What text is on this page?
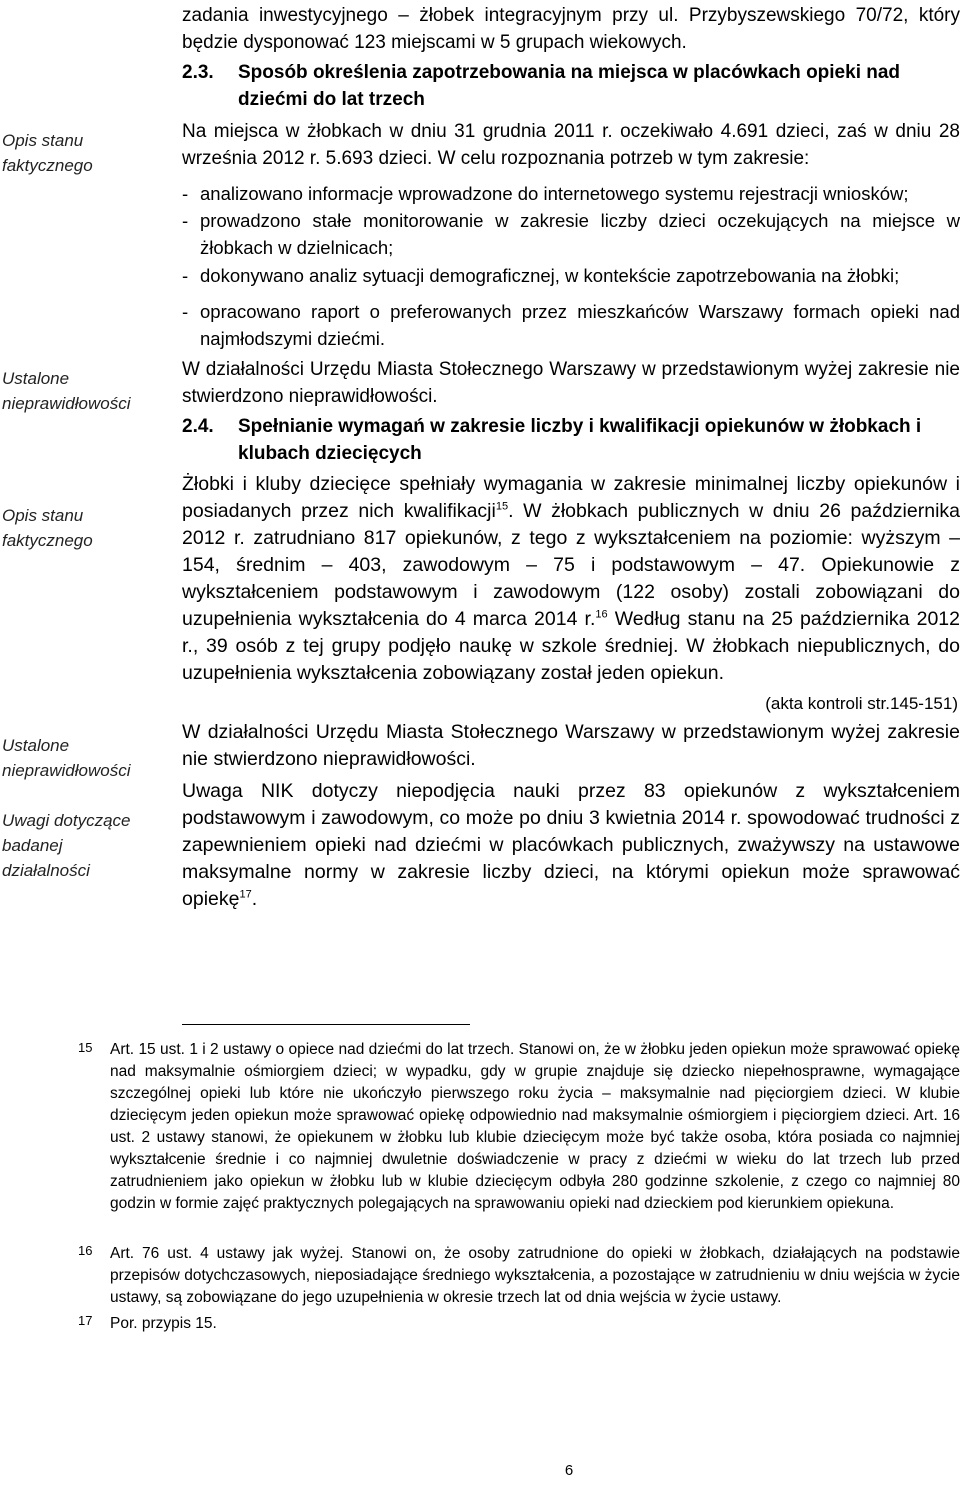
Opis stanu faktycznego
Ustalone nieprawidłowości
Opis stanu faktycznego
Ustalone nieprawidłowości
Uwagi dotyczące badanej działalności
zadania inwestycyjnego – żłobek integracyjnym przy ul. Przybyszewskiego 70/72, który będzie dysponować 123 miejscami w 5 grupach wiekowych.
2.3. Sposób określenia zapotrzebowania na miejsca w placówkach opieki nad dziećmi do lat trzech
Na miejsca w żłobkach w dniu 31 grudnia 2011 r. oczekiwało 4.691 dzieci, zaś w dniu 28 września 2012 r. 5.693 dzieci. W celu rozpoznania potrzeb w tym zakresie:
- analizowano informacje wprowadzone do internetowego systemu rejestracji wniosków;
- prowadzono stałe monitorowanie w zakresie liczby dzieci oczekujących na miejsce w żłobkach w dzielnicach;
- dokonywano analiz sytuacji demograficznej, w kontekście zapotrzebowania na żłobki;
- opracowano raport o preferowanych przez mieszkańców Warszawy formach opieki nad najmłodszymi dziećmi.
W działalności Urzędu Miasta Stołecznego Warszawy w przedstawionym wyżej zakresie nie stwierdzono nieprawidłowości.
2.4. Spełnianie wymagań w zakresie liczby i kwalifikacji opiekunów w żłobkach i klubach dziecięcych
Żłobki i kluby dziecięce spełniały wymagania w zakresie minimalnej liczby opiekunów i posiadanych przez nich kwalifikacji$^{15}$. W żłobkach publicznych w dniu 26 października 2012 r. zatrudniano 817 opiekunów, z tego z wykształceniem na poziomie: wyższym – 154, średnim – 403, zawodowym – 75 i podstawowym – 47. Opiekunowie z wykształceniem podstawowym i zawodowym (122 osoby) zostali zobowiązani do uzupełnienia wykształcenia do 4 marca 2014 r.$^{16}$ Według stanu na 25 października 2012 r., 39 osób z tej grupy podjęło naukę w szkole średniej. W żłobkach niepublicznych, do uzupełnienia wykształcenia zobowiązany został jeden opiekun.
(akta kontroli str.145-151)
W działalności Urzędu Miasta Stołecznego Warszawy w przedstawionym wyżej zakresie nie stwierdzono nieprawidłowości.
Uwaga NIK dotyczy niepodjęcia nauki przez 83 opiekunów z wykształceniem podstawowym i zawodowym, co może po dniu 3 kwietnia 2014 r. spowodować trudności z zapewnieniem opieki nad dziećmi w placówkach publicznych, zważywszy na ustawowe maksymalne normy w zakresie liczby dzieci, na którymi opiekun może sprawować opiekę$^{17}$.
15 Art. 15 ust. 1 i 2 ustawy o opiece nad dziećmi do lat trzech. Stanowi on, że w żłobku jeden opiekun może sprawować opiekę nad maksymalnie ośmiorgiem dzieci; w wypadku, gdy w grupie znajduje się dziecko niepełnosprawne, wymagające szczególnej opieki lub które nie ukończyło pierwszego roku życia – maksymalnie nad pięciorgiem dzieci. W klubie dziecięcym jeden opiekun może sprawować opiekę odpowiednio nad maksymalnie ośmiorgiem i pięciorgiem dzieci. Art. 16 ust. 2 ustawy stanowi, że opiekunem w żłobku lub klubie dziecięcym może być także osoba, która posiada co najmniej wykształcenie średnie i co najmniej dwuletnie doświadczenie w pracy z dziećmi w wieku do lat trzech lub przed zatrudnieniem jako opiekun w żłobku lub w klubie dziecięcym odbyła 280 godzinne szkolenie, z czego co najmniej 80 godzin w formie zajęć praktycznych polegających na sprawowaniu opieki nad dzieckiem pod kierunkiem opiekuna.
16 Art. 76 ust. 4 ustawy jak wyżej. Stanowi on, że osoby zatrudnione do opieki w żłobkach, działających na podstawie przepisów dotychczasowych, nieposiadające średniego wykształcenia, a pozostające w zatrudnieniu w dniu wejścia w życie ustawy, są zobowiązane do jego uzupełnienia w okresie trzech lat od dnia wejścia w życie ustawy.
17 Por. przypis 15.
6
